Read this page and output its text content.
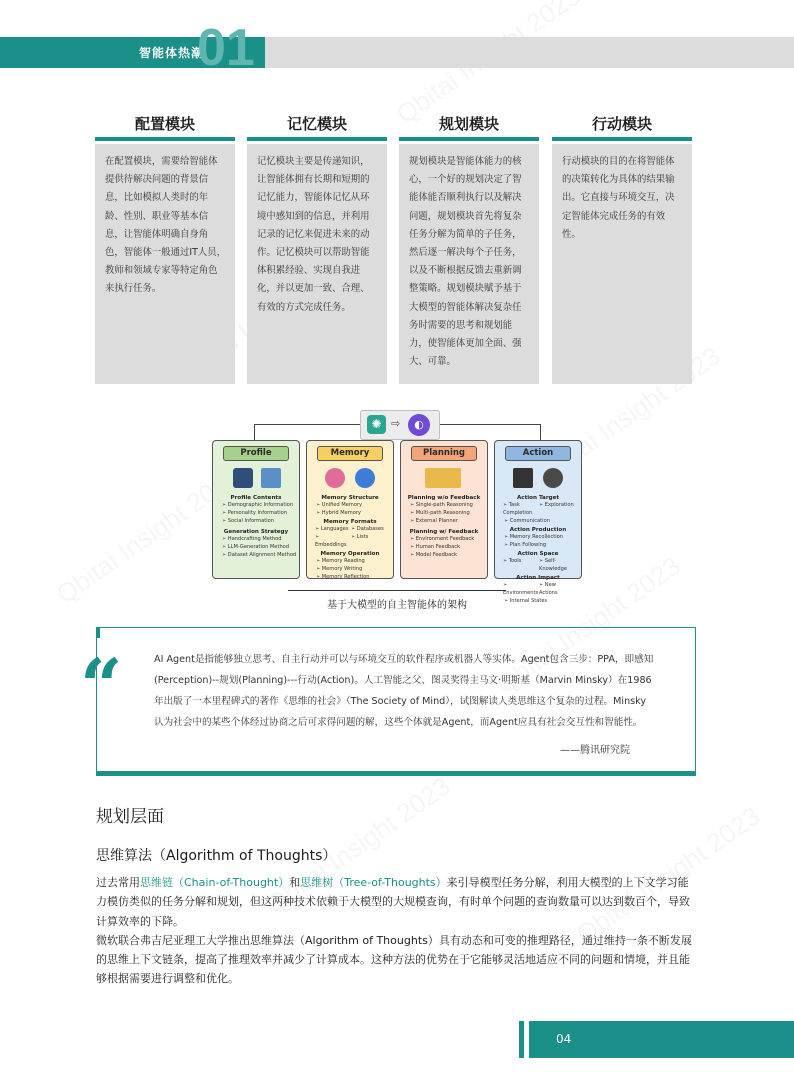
智能体热潮
01
配置模块
在配置模块，需要给智能体提供待解决问题的背景信息，比如模拟人类时的年龄、性别、职业等基本信息，让智能体明确自身角色，智能体一般通过IT人员，教师和领域专家等特定角色来执行任务。
记忆模块
记忆模块主要是传递知识，让智能体拥有长期和短期的记忆能力，智能体记忆从环境中感知到的信息，并利用记录的记忆来促进未来的动作。记忆模块可以帮助智能体积累经验、实现自我进化，并以更加一致、合理、有效的方式完成任务。
规划模块
规划模块是智能体能力的核心，一个好的规划决定了智能体能否顺利执行以及解决问题，规划模块首先将复杂任务分解为简单的子任务，然后逐一解决每个子任务，以及不断根据反馈去重新调整策略。规划模块赋予基于大模型的智能体解决复杂任务时需要的思考和规划能力，使智能体更加全面、强大、可靠。
行动模块
行动模块的目的在将智能体的决策转化为具体的结果输出。它直接与环境交互，决定智能体完成任务的有效性。
✺ ⇨	◐
Profile
Profile Contents
➢ Demographic Information
➢ Personality Information
➢ Social Information
Generation Strategy
➢ Handcrafting Method
➢ LLM-Generation Method
➢ Dataset Alignment Method
Memory
Memory Structure
➢ Unified Memory
➢ Hybrid Memory
Memory Formats
➢ Languages	➢ Databases
➢ Embeddings
➢ Lists
Memory Operation
➢ Memory Reading
➢ Memory Writing
➢ Memory Reflection
Planning
Planning w/o Feedback
➢ Single-path Reasoning
➢ Multi-path Reasoning
➢ External Planner
Planning w/ Feedback
➢ Environment Feedback
➢ Human Feedback
➢ Model Feedback
Action
Action Target
➢ Task Completion
➢ Exploration
➢ Communication
Action Production
➢ Memory Recollection
➢ Plan Following
Action Space
➢ Tools	➢ Self-Knowledge
Action Impact
➢ Environments
➢ New Actions
➢ Internal States
基于大模型的自主智能体的架构
“	AI Agent是指能够独立思考、自主行动并可以与环境交互的软件程序或机器人等实体。Agent包含三步：PPA，即感知(Perception)--规划(Planning)---行动(Action)。人工智能之父、图灵奖得主马文·明斯基（Marvin Minsky）在1986年出版了一本里程碑式的著作《思维的社会》（The Society of Mind），试图解读人类思维这个复杂的过程。Minsky认为社会中的某些个体经过协商之后可求得问题的解，这些个体就是Agent，而Agent应具有社会交互性和智能性。
——腾讯研究院
规划层面
思维算法（Algorithm of Thoughts）

过去常用思维链（Chain-of-Thought）和思维树（Tree-of-Thoughts）来引导模型任务分解，利用大模型的上下文学习能力模仿类似的任务分解和规划，但这两种技术依赖于大模型的大规模查询，有时单个问题的查询数量可以达到数百个，导致计算效率的下降。

微软联合弗吉尼亚理工大学推出思维算法（Algorithm of Thoughts）具有动态和可变的推理路径，通过维持一条不断发展的思维上下文链条，提高了推理效率并减少了计算成本。这种方法的优势在于它能够灵活地适应不同的问题和情境，并且能够根据需要进行调整和优化。

04
